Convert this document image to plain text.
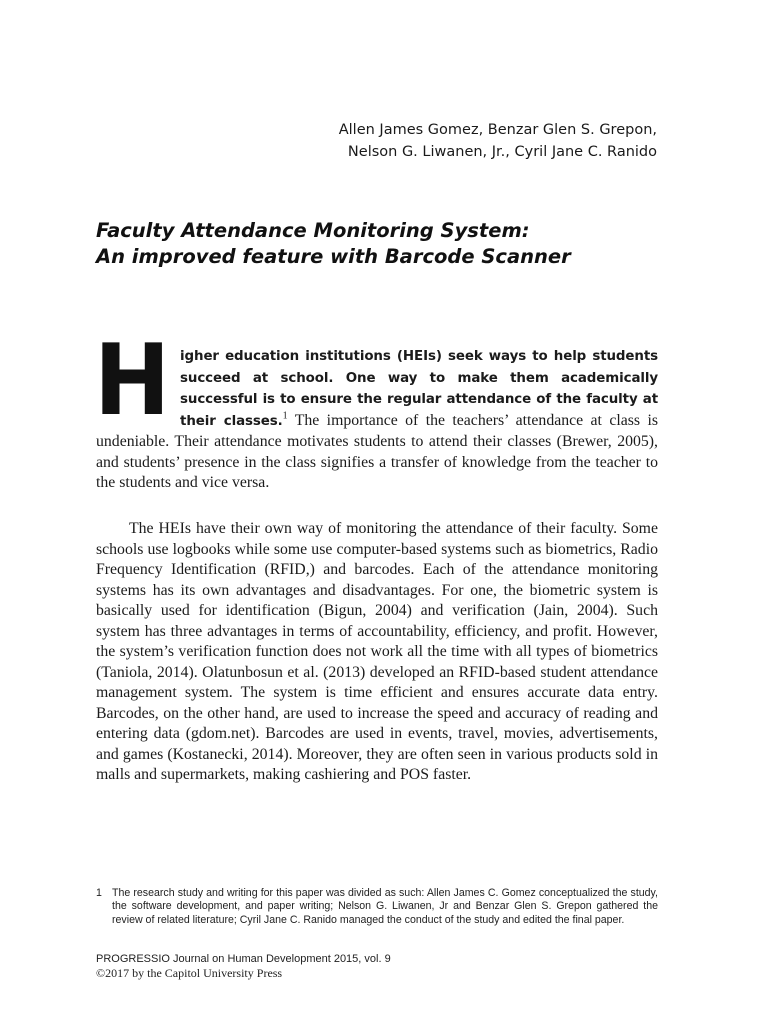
Allen James Gomez, Benzar Glen S. Grepon,
Nelson G. Liwanen, Jr., Cyril Jane C. Ranido
Faculty Attendance Monitoring System:
An improved feature with Barcode Scanner
Higher education institutions (HEIs) seek ways to help students succeed at school. One way to make them academically successful is to ensure the regular attendance of the faculty at their classes.$^1$ The importance of the teachers’ attendance at class is undeniable. Their attendance motivates students to attend their classes (Brewer, 2005), and students’ presence in the class signifies a transfer of knowledge from the teacher to the students and vice versa.
The HEIs have their own way of monitoring the attendance of their faculty. Some schools use logbooks while some use computer-based systems such as biometrics, Radio Frequency Identification (RFID,) and barcodes. Each of the attendance monitoring systems has its own advantages and disadvantages. For one, the biometric system is basically used for identification (Bigun, 2004) and verification (Jain, 2004). Such system has three advantages in terms of accountability, efficiency, and profit. However, the system’s verification function does not work all the time with all types of biometrics (Taniola, 2014). Olatunbosun et al. (2013) developed an RFID-based student attendance management system. The system is time efficient and ensures accurate data entry. Barcodes, on the other hand, are used to increase the speed and accuracy of reading and entering data (gdom.net). Barcodes are used in events, travel, movies, advertisements, and games (Kostanecki, 2014). Moreover, they are often seen in various products sold in malls and supermarkets, making cashiering and POS faster.
1 The research study and writing for this paper was divided as such: Allen James C. Gomez conceptualized the study, the software development, and paper writing; Nelson G. Liwanen, Jr and Benzar Glen S. Grepon gathered the review of related literature; Cyril Jane C. Ranido managed the conduct of the study and edited the final paper.
PROGRESSIO Journal on Human Development 2015, vol. 9
©2017 by the Capitol University Press
